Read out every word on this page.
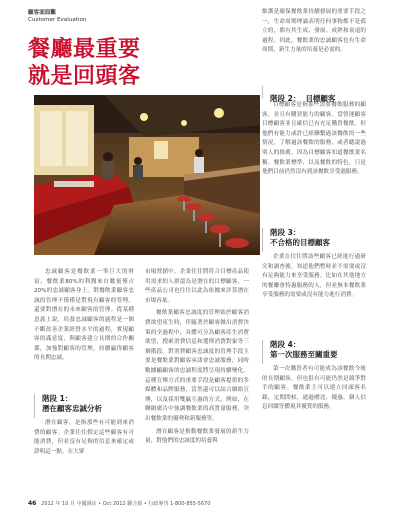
顧客面面觀
Customer Evaluation
餐廳最重要
就是回頭客

忠誠顧客是餐飲業一筆巨大的財富，餐飲業80%的利潤來自數量僅占20%的忠誠顧客身上。對餐飲業顧客忠誠的管理不僅僅是對現有顧客的管理，還要對潛在的未來顧客的管理。從某種意義上說，培養忠誠顧客的過程是一個不斷改善企業經營水平的過程，實現顧客的滿意度，與顧客建立長期的合作關係，加強對顧客的管理，持續贏得顧客的長期忠誠。

階段 1：
潛在顧客忠誠分析

潛在顧客，是指那些有可能到來消費的顧客。企業往往假定這些顧客有可能消費，但並沒有足夠的信息來確定或證明這一點。在大眾

市場營銷中，企業往往將符合目標產品使用需求的人群認為是潛在的目標顧客，一些產品公司也往往以此為依據來評算潛在市場容量。

餐飲業顧客忠誠度的管理始於顧客消費欲望產生時，伴隨著於顧客做出消費決策的全過程中，具體可分為顧客產生消費欲望，搜索消費信息和選擇消費對象等三個階段。對消費顧客忠誠度的管理手段主要是餐飲業對顧客承諾會忠誠服務，同時數據顯顧客的忠誠程度將呈現持續變化。這種宣傳方式的重要手段是顧客提供的多媒體和品牌服務，當然還可以結合網絡宣傳，以及採用雙贏互惠的方式。例如，在聯網廣告中強調餐飲業的高質量服務，突出餐飲業的優勢和新服務等。

潛在顧客是推動餐飲業發展的新生力量，對他們的忠誠度的培養與

維護是確保餐飲業持續發展的重要手段之一，生命周期理論表明任何事物都不是孤立的，都有其生成、發展、成熟和衰退的過程。因此，餐飲業的忠誠顧客也有生命周期，新生力量的培養是必需的。

階段 2： 目標顧客

目標顧客是指那些需要餐飲服務的顧客，並且有購買能力的顧客。當營運顧客目標顧客並且確信已有充足購買餐飲，但他們有能力或許已經聯繫過該餐飲的一些情況，了解過該餐飲的服務，或者聽說過別人的推薦。因為目標顧客知道餐飲業名稱、餐飲業標準、以及餐飲的特色，只是他們目前仍然沒有到該餐飲享受過服務。

階段 3：
不合格的目標顧客

企業在往往將該些顧客已經進行過研究和調查後，知道他們暫時並不需要或沒有足夠能力來享受服務。比如在其他地方的餐廳會特惠服務的人，但並無本餐飲業享受服務的需要或沒有能力進行消費。

階段 4：
第一次服務至關重要

第一次購買者有可能成為該餐飲今後的長期顧客，但也很有可能仍然是競爭對手的顧客。餐飲業主可以建立回頭客名錄，定期問候、通過贈送、優惠、個人信息回饋等體現其優質的服務。

46 2012 年 10 月 中國酒店 • Oct 2012 聯合報 • 行政專刊 1-800-855-5670
